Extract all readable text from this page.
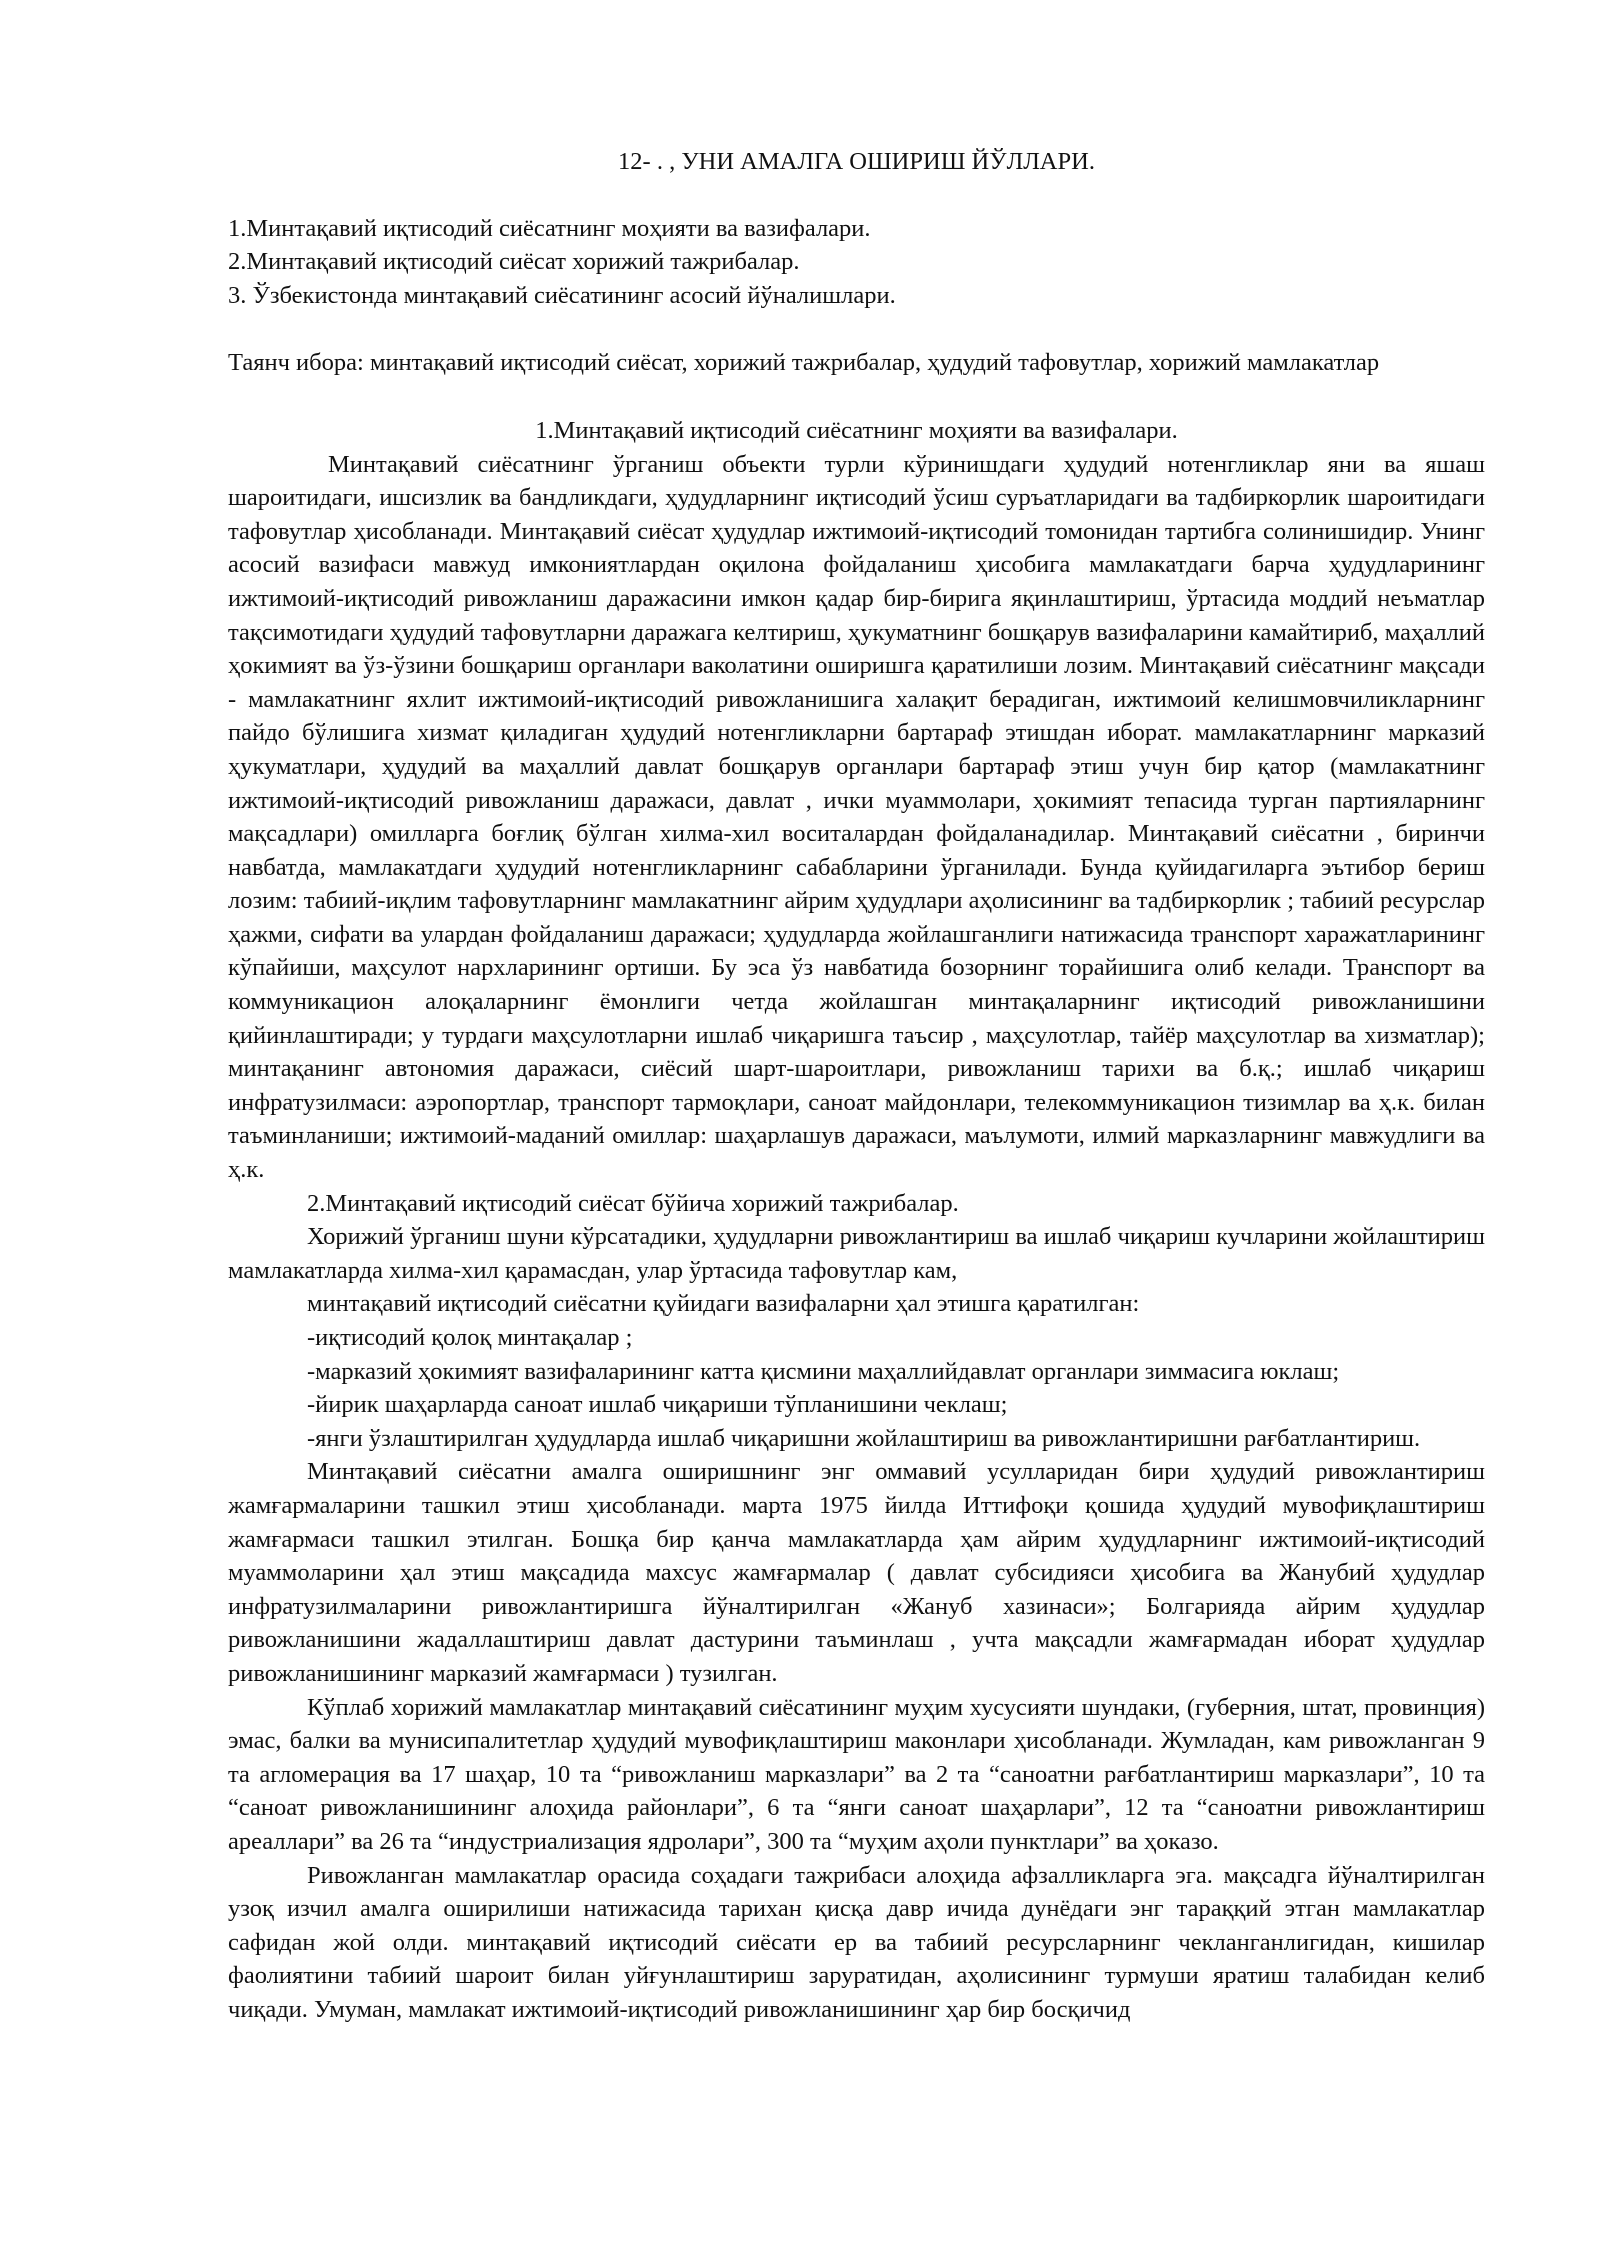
12- . , УНИ АМАЛГА ОШИРИШ ЙЎЛЛАРИ.
1.Минтақавий иқтисодий сиёсатнинг моҳияти ва вазифалари.
2.Минтақавий иқтисодий сиёсат хорижий тажрибалар.
3. Ўзбекистонда минтақавий сиёсатининг асосий йўналишлари.

Таянч ибора: минтақавий иқтисодий сиёсат, хорижий тажрибалар, ҳудудий тафовутлар, хорижий мамлакатлар

1.Минтақавий иқтисодий сиёсатнинг моҳияти ва вазифалари.

Минтақавий сиёсатнинг ўрганиш объекти турли кўринишдаги ҳудудий нотенгликлар яни ва яшаш шароитидаги, ишсизлик ва бандликдаги, ҳудудларнинг иқтисодий ўсиш суръатларидаги ва тадбиркорлик шароитидаги тафовутлар ҳисобланади. Минтақавий сиёсат ҳудудлар ижтимоий-иқтисодий томонидан тартибга солинишидир. Унинг асосий вазифаси мавжуд имкониятлардан оқилона фойдаланиш ҳисобига мамлакатдаги барча ҳудудларининг ижтимоий-иқтисодий ривожланиш даражасини имкон қадар бир-бирига яқинлаштириш, ўртасида моддий неъматлар тақсимотидаги ҳудудий тафовутларни даражага келтириш, ҳукуматнинг бошқарув вазифаларини камайтириб, маҳаллий ҳокимият ва ўз-ўзини бошқариш органлари ваколатини оширишга қаратилиши лозим. Минтақавий сиёсатнинг мақсади - мамлакатнинг яхлит ижтимоий-иқтисодий ривожланишига халақит берадиган, ижтимоий келишмовчиликларнинг пайдо бўлишига хизмат қиладиган ҳудудий нотенгликларни бартараф этишдан иборат. мамлакатларнинг марказий ҳукуматлари, ҳудудий ва маҳаллий давлат бошқарув органлари бартараф этиш учун бир қатор (мамлакатнинг ижтимоий-иқтисодий ривожланиш даражаси, давлат , ички муаммолари, ҳокимият тепасида турган партияларнинг мақсадлари) омилларга боғлиқ бўлган хилма-хил воситалардан фойдаланадилар. Минтақавий сиёсатни , биринчи навбатда, мамлакатдаги ҳудудий нотенгликларнинг сабабларини ўрганилади. Бунда қуйидагиларга эътибор бериш лозим: табиий-иқлим тафовутларнинг мамлакатнинг айрим ҳудудлари аҳолисининг ва тадбиркорлик ; табиий ресурслар ҳажми, сифати ва улардан фойдаланиш даражаси; ҳудудларда жойлашганлиги натижасида транспорт харажатларининг кўпайиши, маҳсулот нархларининг ортиши. Бу эса ўз навбатида бозорнинг торайишига олиб келади. Транспорт ва коммуникацион алоқаларнинг ёмонлиги четда жойлашган минтақаларнинг иқтисодий ривожланишини қийинлаштиради; у турдаги маҳсулотларни ишлаб чиқаришга таъсир , маҳсулотлар, тайёр маҳсулотлар ва хизматлар); минтақанинг автономия даражаси, сиёсий шарт-шароитлари, ривожланиш тарихи ва б.қ.; ишлаб чиқариш инфратузилмаси: аэропортлар, транспорт тармоқлари, саноат майдонлари, телекоммуникацион тизимлар ва ҳ.к. билан таъминланиши; ижтимоий-маданий омиллар: шаҳарлашув даражаси, маълумоти, илмий марказларнинг мавжудлиги ва ҳ.к.

2.Минтақавий иқтисодий сиёсат бўйича хорижий тажрибалар.

Хорижий ўрганиш шуни кўрсатадики, ҳудудларни ривожлантириш ва ишлаб чиқариш кучларини жойлаштириш мамлакатларда хилма-хил қарамасдан, улар ўртасида тафовутлар кам,

минтақавий иқтисодий сиёсатни қуйидаги вазифаларни ҳал этишга қаратилган:
-иқтисодий қолоқ минтақалар ;
-марказий ҳокимият вазифаларининг катта қисмини маҳаллийдавлат органлари зиммасига юклаш;
-йирик шаҳарларда саноат ишлаб чиқариши тўпланишини чеклаш;

-янги ўзлаштирилган ҳудудларда ишлаб чиқаришни жойлаштириш ва ривожлантиришни рағбатлантириш.

Минтақавий сиёсатни амалга оширишнинг энг оммавий усулларидан бири ҳудудий ривожлантириш жамғармаларини ташкил этиш ҳисобланади. марта 1975 йилда Иттифоқи қошида ҳудудий мувофиқлаштириш жамғармаси ташкил этилган. Бошқа бир қанча мамлакатларда ҳам айрим ҳудудларнинг ижтимоий-иқтисодий муаммоларини ҳал этиш мақсадида махсус жамғармалар ( давлат субсидияси ҳисобига ва Жанубий ҳудудлар инфратузилмаларини ривожлантиришга йўналтирилган «Жануб хазинаси»; Болгарияда айрим ҳудудлар ривожланишини жадаллаштириш давлат дастурини таъминлаш , учта мақсадли жамғармадан иборат ҳудудлар ривожланишининг марказий жамғармаси ) тузилган.

Кўплаб хорижий мамлакатлар минтақавий сиёсатининг муҳим хусусияти шундаки, (губерния, штат, провинция) эмас, балки ва мунисипалитетлар ҳудудий мувофиқлаштириш маконлари ҳисобланади. Жумладан, кам ривожланган 9 та агломерация ва 17 шаҳар, 10 та “ривожланиш марказлари” ва 2 та “саноатни рағбатлантириш марказлари”, 10 та “саноат ривожланишининг алоҳида районлари”, 6 та “янги саноат шаҳарлари”, 12 та “саноатни ривожлантириш ареаллари” ва 26 та “индустриализация ядролари”, 300 та “муҳим аҳоли пунктлари” ва ҳоказо.

Ривожланган мамлакатлар орасида соҳадаги тажрибаси алоҳида афзалликларга эга. мақсадга йўналтирилган узоқ изчил амалга оширилиши натижасида тарихан қисқа давр ичида дунёдаги энг тараққий этган мамлакатлар сафидан жой олди. минтақавий иқтисодий сиёсати ер ва табиий ресурсларнинг чекланганлигидан, кишилар фаолиятини табиий шароит билан уйғунлаштириш заруратидан, аҳолисининг турмуши яратиш талабидан келиб чиқади. Умуман, мамлакат ижтимоий-иқтисодий ривожланишининг ҳар бир босқичид
